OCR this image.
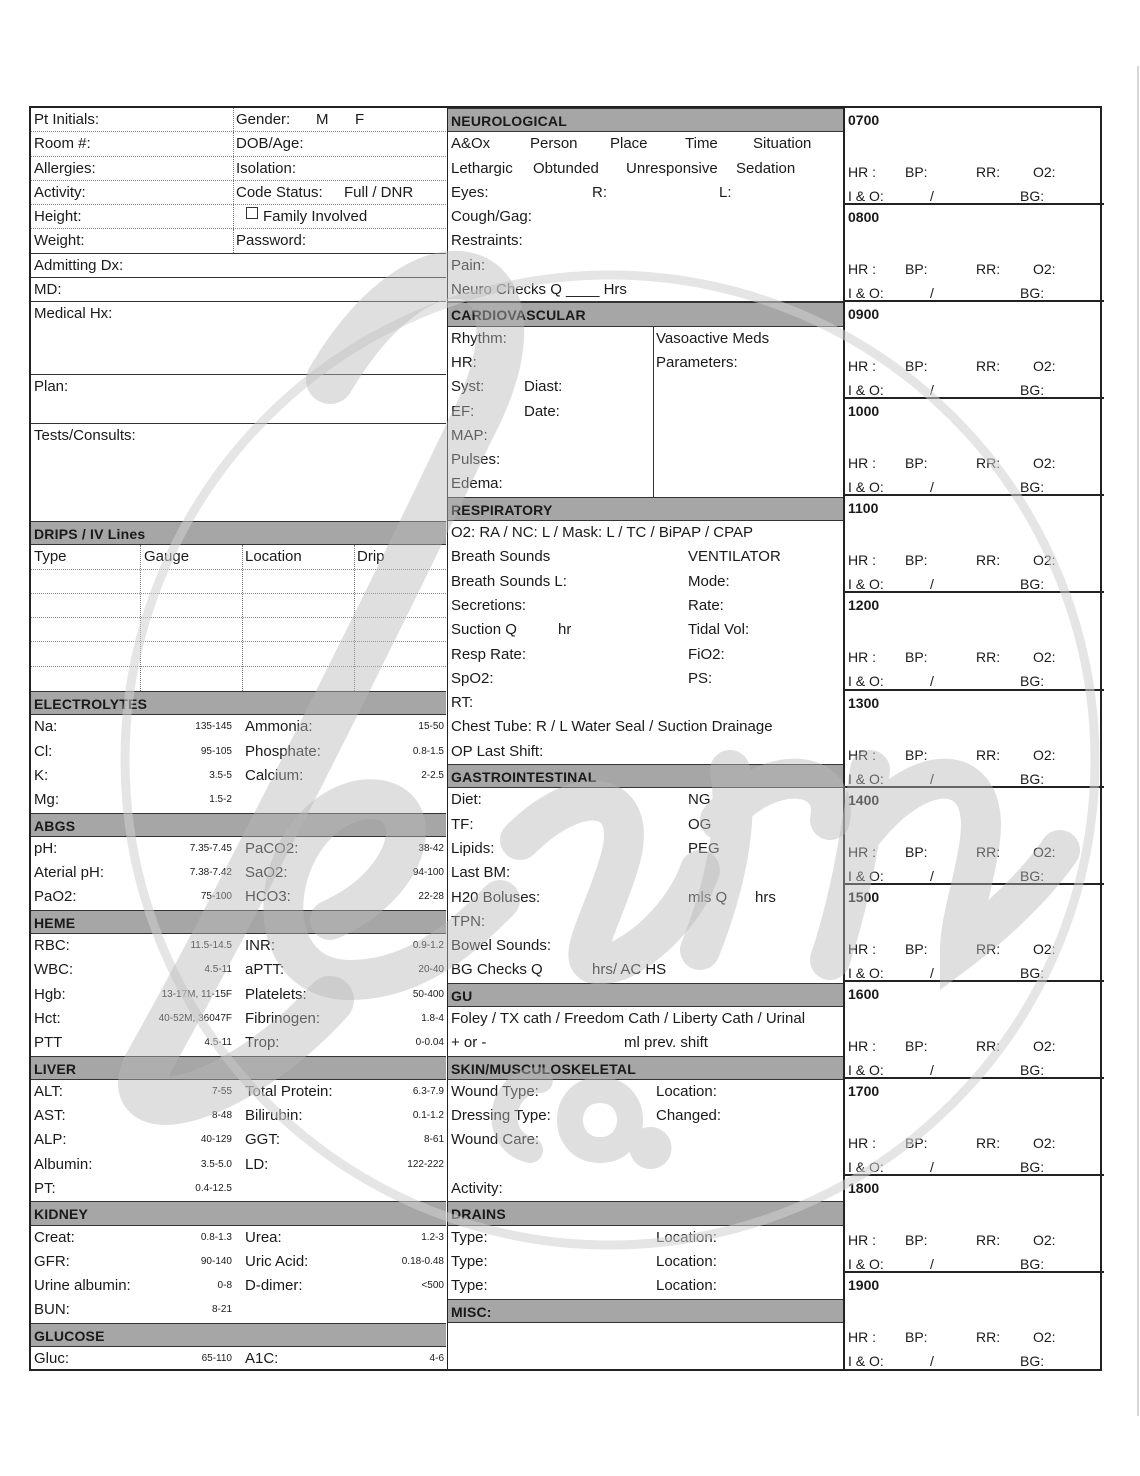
Pt Initials:	Gender: M F
Room #:	DOB/Age:
Allergies:	Isolation:
Activity:	Code Status: Full / DNR
Height:	Family Involved
Weight:	Password:
Admitting Dx:
MD:
Medical Hx:
Plan:
Tests/Consults:
DRIPS / IV Lines
Type	Gauge	Location	Drip
ELECTROLYTES
Na:	135-145 Ammonia:	15-50
Cl:	95-105 Phosphate:	0.8-1.5
K:	3.5-5 Calcium:	2-2.5
Mg:	1.5-2
ABGS
pH:	7.35-7.45 PaCO2:	38-42
Aterial pH:	7.38-7.42 SaO2:	94-100
PaO2:	75-100 HCO3:	22-28
HEME
RBC:	11.5-14.5 INR:	0.9-1.2
WBC:	4.5-11 aPTT:	20-40
Hgb:	13-17M, 11-15F Platelets:	50-400
Hct:	40-52M, 36047F Fibrinogen:	1.8-4
PTT	4.5-11 Trop:	0-0.04
LIVER
ALT:	7-55 Total Protein:	6.3-7.9
AST:	8-48 Bilirubin:	0.1-1.2
ALP:	40-129 GGT:	8-61
Albumin:	3.5-5.0 LD:	122-222
PT:	0.4-12.5
KIDNEY
Creat:	0.8-1.3 Urea:	1.2-3
GFR:	90-140 Uric Acid:	0.18-0.48
Urine albumin:	0-8 D-dimer:	<500
BUN:	8-21
GLUCOSE
Gluc:	65-110 A1C:	4-6
NEUROLOGICAL
A&Ox	Person Place Time Situation
Lethargic Obtunded Unresponsive Sedation
Eyes:	R:	L:
Cough/Gag:
Restraints:
Pain:
Neuro Checks Q ____ Hrs
CARDIOVASCULAR
Rhythm:	Vasoactive Meds
HR:	Parameters:
Syst:	Diast:
EF:	Date:
MAP:
Pulses:
Edema:
RESPIRATORY
O2: RA / NC: L / Mask: L / TC / BiPAP / CPAP
Breath Sounds	VENTILATOR
Breath Sounds L:	Mode:
Secretions:	Rate:
Suction Q	hr	Tidal Vol:
Resp Rate:	FiO2:
SpO2:	PS:
RT:
Chest Tube: R / L Water Seal / Suction Drainage
OP Last Shift:
GASTROINTESTINAL
Diet:	NG
TF:	OG
Lipids:	PEG
Last BM:
H20 Boluses:	mls Q hrs
TPN:
Bowel Sounds:
BG Checks Q	hrs/ AC HS
GU
Foley / TX cath / Freedom Cath / Liberty Cath / Urinal
+ or -	ml prev. shift
SKIN/MUSCULOSKELETAL
Wound Type:	Location:
Dressing Type:	Changed:
Wound Care:
Activity:
DRAINS
Type:	Location:
Type:	Location:
Type:	Location:
MISC:
0700
HR : BP:	RR: O2:
I & O:	/	BG:
0800
HR : BP:	RR: O2:
I & O:	/	BG:
0900
HR : BP:	RR: O2:
I & O:	/	BG:
1000
HR : BP:	RR: O2:
I & O:	/	BG:
1100
HR : BP:	RR: O2:
I & O:	/	BG:
1200
HR : BP:	RR: O2:
I & O:	/	BG:
1300
HR : BP:	RR: O2:
I & O:	/	BG:
1400
HR : BP:	RR: O2:
I & O:	/	BG:
1500
HR : BP:	RR: O2:
I & O:	/	BG:
1600
HR : BP:	RR: O2:
I & O:	/	BG:
1700
HR : BP:	RR: O2:
I & O:	/	BG:
1800
HR : BP:	RR: O2:
I & O:	/	BG:
1900
HR : BP:	RR: O2:
I & O:	/	BG:
